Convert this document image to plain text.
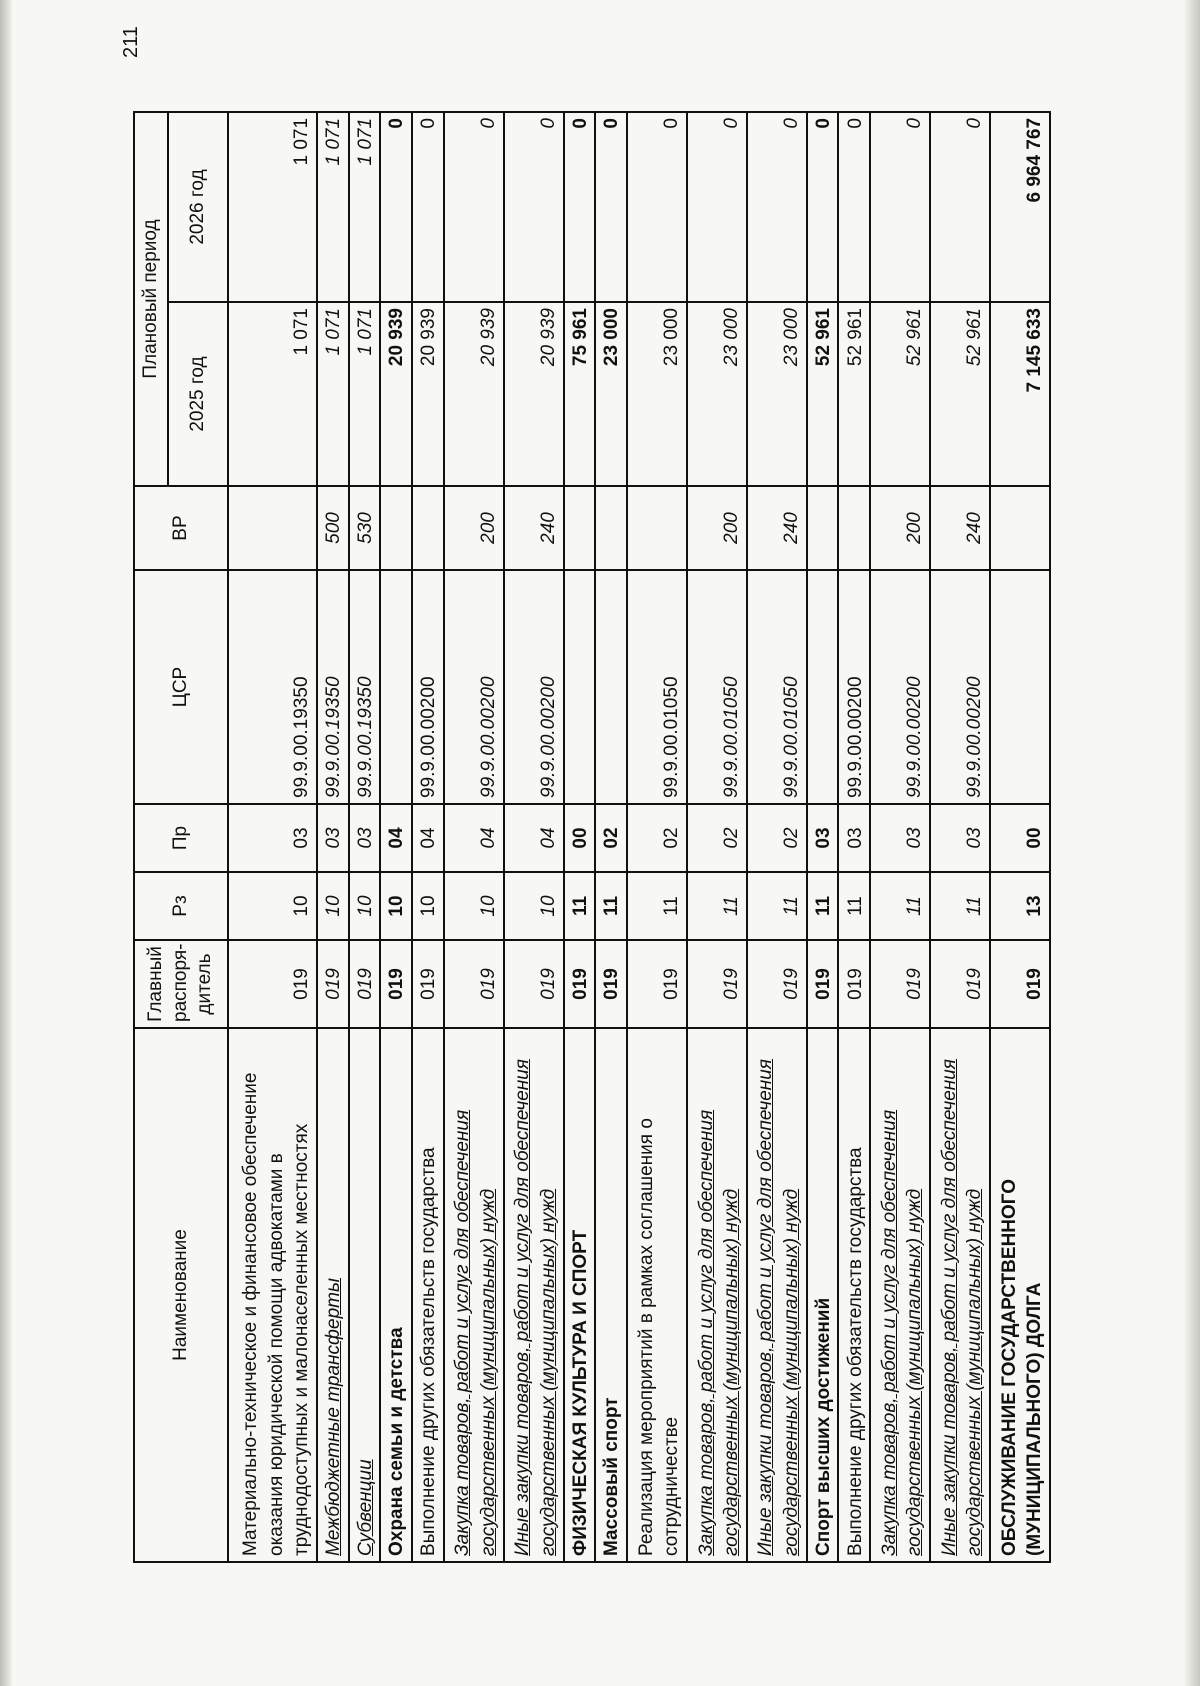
211
Наименование	Главный распоря-дитель	Рз	Пр	ЦСР	ВР	Плановый период	
						2025 год	2026 год
Материально-техническое и финансовое обеспечение оказания юридической помощи адвокатами в труднодоступных и малонаселенных местностях	019	10	03	99.9.00.19350		1 071	1 071
Межбюджетные трансферты	019	10	03	99.9.00.19350	500	1 071	1 071
Субвенции	019	10	03	99.9.00.19350	530	1 071	1 071
Охрана семьи и детства	019	10	04			20 939	0
Выполнение других обязательств государства	019	10	04	99.9.00.00200		20 939	0
Закупка товаров, работ и услуг для обеспечения государственных (муниципальных) нужд	019	10	04	99.9.00.00200	200	20 939	0
Иные закупки товаров, работ и услуг для обеспечения государственных (муниципальных) нужд	019	10	04	99.9.00.00200	240	20 939	0
ФИЗИЧЕСКАЯ КУЛЬТУРА И СПОРТ	019	11	00			75 961	0
Массовый спорт	019	11	02			23 000	0
Реализация мероприятий в рамках соглашения о сотрудничестве	019	11	02	99.9.00.01050		23 000	0
Закупка товаров, работ и услуг для обеспечения государственных (муниципальных) нужд	019	11	02	99.9.00.01050	200	23 000	0
Иные закупки товаров, работ и услуг для обеспечения государственных (муниципальных) нужд	019	11	02	99.9.00.01050	240	23 000	0
Спорт высших достижений	019	11	03			52 961	0
Выполнение других обязательств государства	019	11	03	99.9.00.00200		52 961	0
Закупка товаров, работ и услуг для обеспечения государственных (муниципальных) нужд	019	11	03	99.9.00.00200	200	52 961	0
Иные закупки товаров, работ и услуг для обеспечения государственных (муниципальных) нужд	019	11	03	99.9.00.00200	240	52 961	0
ОБСЛУЖИВАНИЕ ГОСУДАРСТВЕННОГО (МУНИЦИПАЛЬНОГО) ДОЛГА	019	13	00			7 145 633	6 964 767
